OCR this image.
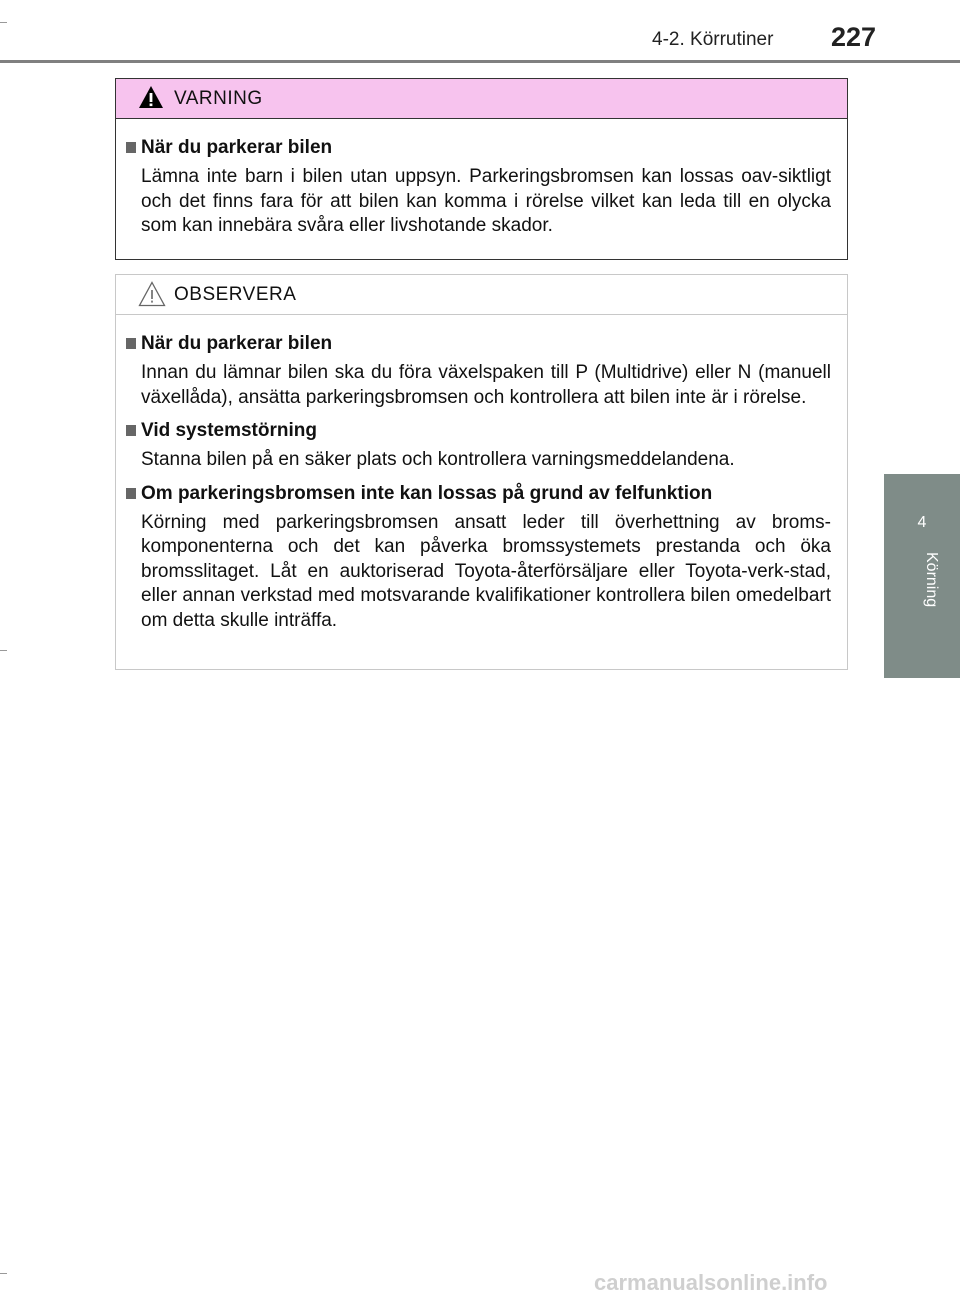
4-2. Körrutiner 227
4
Körning
VARNING
När du parkerar bilen
Lämna inte barn i bilen utan uppsyn. Parkeringsbromsen kan lossas oav-siktligt och det finns fara för att bilen kan komma i rörelse vilket kan leda till en olycka som kan innebära svåra eller livshotande skador.
OBSERVERA
När du parkerar bilen
Innan du lämnar bilen ska du föra växelspaken till P (Multidrive) eller N (manuell växellåda), ansätta parkeringsbromsen och kontrollera att bilen inte är i rörelse.
Vid systemstörning
Stanna bilen på en säker plats och kontrollera varningsmeddelandena.
Om parkeringsbromsen inte kan lossas på grund av felfunktion
Körning med parkeringsbromsen ansatt leder till överhettning av broms-komponenterna och det kan påverka bromssystemets prestanda och öka bromsslitaget. Låt en auktoriserad Toyota-återförsäljare eller Toyota-verk-stad, eller annan verkstad med motsvarande kvalifikationer kontrollera bilen omedelbart om detta skulle inträffa.
carmanualsonline.info
